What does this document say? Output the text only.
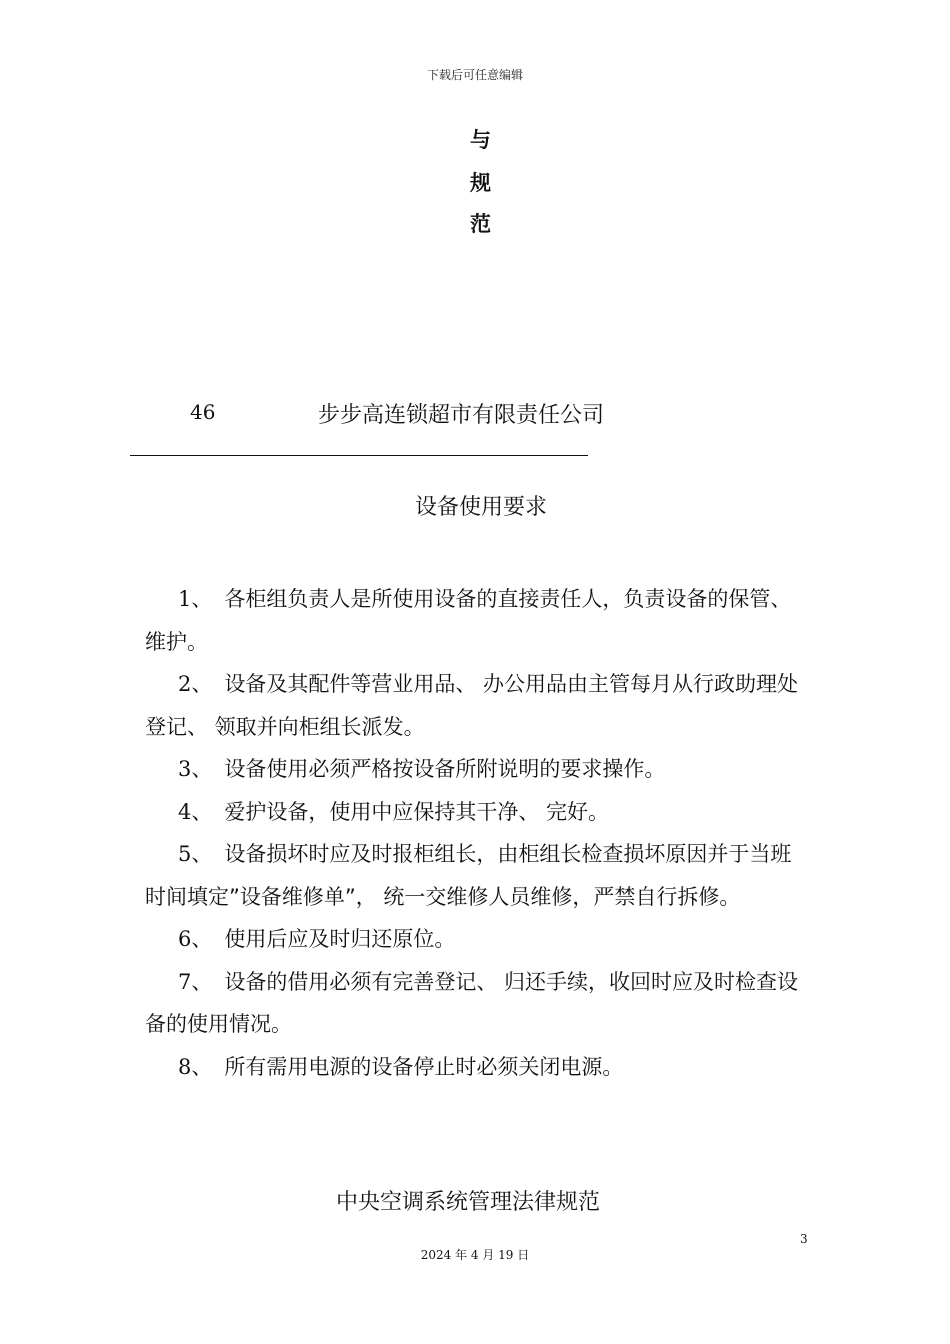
下载后可任意编辑
与
规
范
46	步步高连锁超市有限责任公司
设备使用要求

1、 各柜组负责人是所使用设备的直接责任人，负责设备的保管、 维护。

2、 设备及其配件等营业用品、 办公用品由主管每月从行政助理处登记、 领取并向柜组长派发。

3、 设备使用必须严格按设备所附说明的要求操作。

4、 爱护设备，使用中应保持其干净、 完好。

5、 设备损坏时应及时报柜组长，由柜组长检查损坏原因并于当班时间填定”设备维修单”， 统一交维修人员维修，严禁自行拆修。

6、 使用后应及时归还原位。

7、 设备的借用必须有完善登记、 归还手续，收回时应及时检查设备的使用情况。

8、 所有需用电源的设备停止时必须关闭电源。

中央空调系统管理法律规范
3
2024 年 4 月 19 日
